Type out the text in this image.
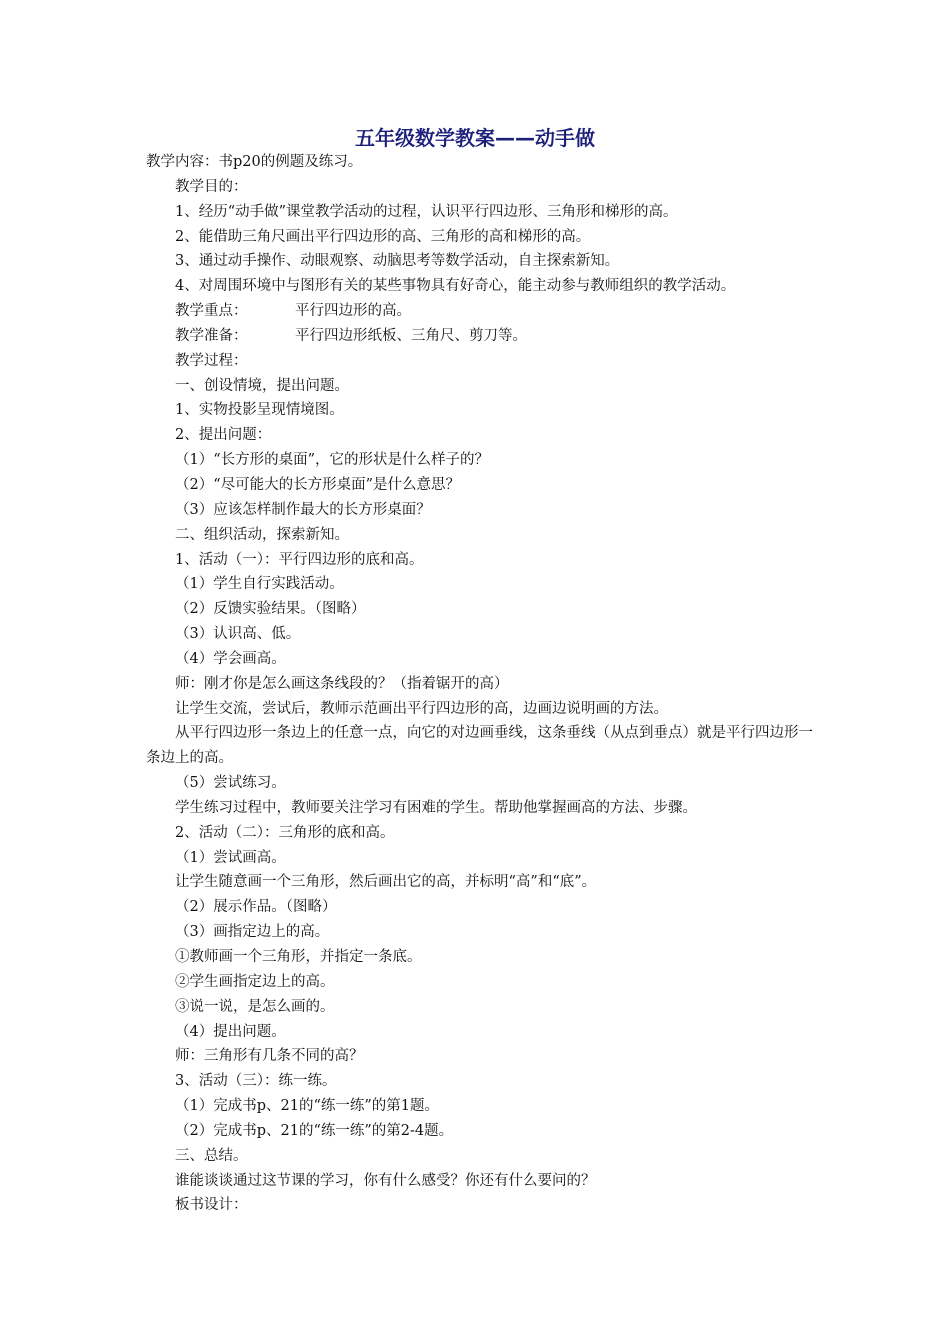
五年级数学教案——动手做

教学内容：书p20的例题及练习。

教学目的：

1、经历“动手做”课堂教学活动的过程，认识平行四边形、三角形和梯形的高。

2、能借助三角尺画出平行四边形的高、三角形的高和梯形的高。

3、通过动手操作、动眼观察、动脑思考等数学活动，自主探索新知。

4、对周围环境中与图形有关的某些事物具有好奇心，能主动参与教师组织的教学活动。

教学重点：	平行四边形的高。

教学准备：	平行四边形纸板、三角尺、剪刀等。

教学过程：

一、创设情境，提出问题。

1、实物投影呈现情境图。

2、提出问题：

（1）“长方形的桌面”，它的形状是什么样子的？

（2）“尽可能大的长方形桌面”是什么意思？

（3）应该怎样制作最大的长方形桌面？

二、组织活动，探索新知。

1、活动（一）：平行四边形的底和高。

（1）学生自行实践活动。

（2）反馈实验结果。（图略）

（3）认识高、低。

（4）学会画高。

师：刚才你是怎么画这条线段的？（指着锯开的高）

让学生交流，尝试后，教师示范画出平行四边形的高，边画边说明画的方法。

从平行四边形一条边上的任意一点，向它的对边画垂线，这条垂线（从点到垂点）就是平行四边形一条边上的高。

（5）尝试练习。

学生练习过程中，教师要关注学习有困难的学生。帮助他掌握画高的方法、步骤。

2、活动（二）：三角形的底和高。

（1）尝试画高。

让学生随意画一个三角形，然后画出它的高，并标明“高”和“底”。

（2）展示作品。（图略）

（3）画指定边上的高。

①教师画一个三角形，并指定一条底。

②学生画指定边上的高。

③说一说，是怎么画的。

（4）提出问题。

师：三角形有几条不同的高？

3、活动（三）：练一练。

（1）完成书p、21的“练一练”的第1题。

（2）完成书p、21的“练一练”的第2-4题。

三、总结。

谁能谈谈通过这节课的学习，你有什么感受？你还有什么要问的？

板书设计：
